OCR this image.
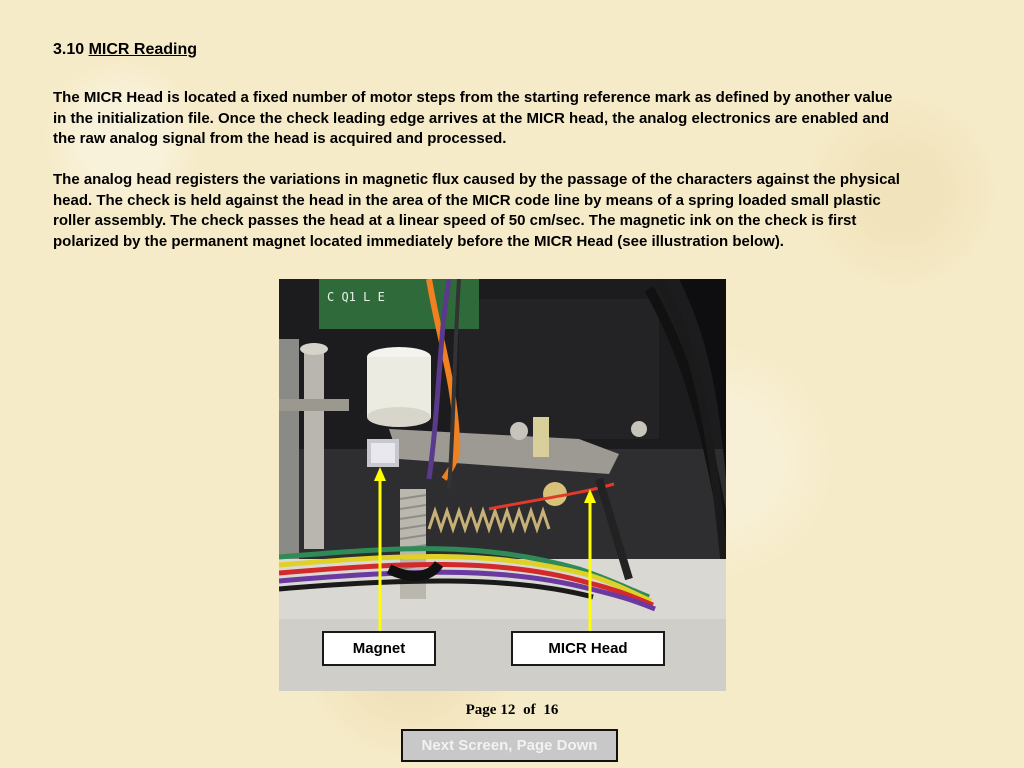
3.10 MICR Reading
The MICR Head is located a fixed number of motor steps from the starting reference mark as defined by another value in the initialization file. Once the check leading edge arrives at the MICR head, the analog electronics are enabled and the raw analog signal from the head is acquired and processed.
The analog head registers the variations in magnetic flux caused by the passage of the characters against the physical head. The check is held against the head in the area of the MICR code line by means of a spring loaded small plastic roller assembly. The check passes the head at a linear speed of 50 cm/sec. The magnetic ink on the check is first polarized by the permanent magnet located immediately before the MICR Head (see illustration below).
C Q1 L E
Magnet	MICR Head
Page 12 of 16
Next Screen, Page Down
